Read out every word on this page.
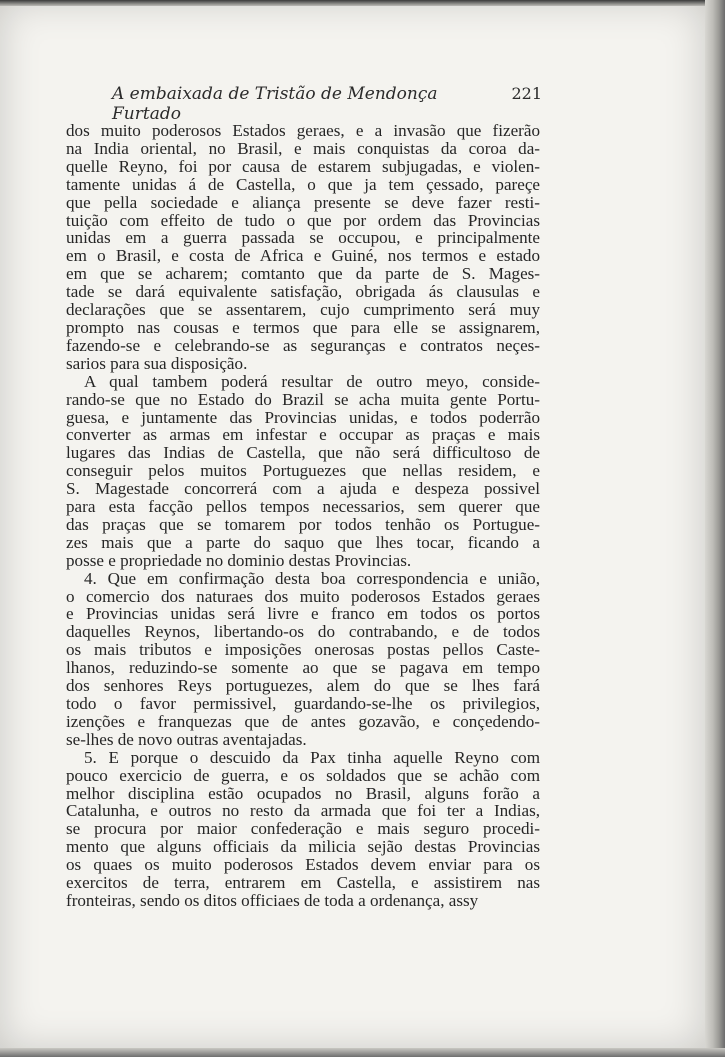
A embaixada de Tristão de Mendonça Furtado
221
dos muito poderosos Estados geraes, e a invasão que fizerão
na India oriental, no Brasil, e mais conquistas da coroa da-
quelle Reyno, foi por causa de estarem subjugadas, e violen-
tamente unidas á de Castella, o que ja tem çessado, pareçe
que pella sociedade e aliança presente se deve fazer resti-
tuição com effeito de tudo o que por ordem das Provincias
unidas em a guerra passada se occupou, e principalmente
em o Brasil, e costa de Africa e Guiné, nos termos e estado
em que se acharem; comtanto que da parte de S. Mages-
tade se dará equivalente satisfação, obrigada ás clausulas e
declarações que se assentarem, cujo cumprimento será muy
prompto nas cousas e termos que para elle se assignarem,
fazendo-se e celebrando-se as seguranças e contratos neçes-
sarios para sua disposição.
A qual tambem poderá resultar de outro meyo, conside-
rando-se que no Estado do Brazil se acha muita gente Portu-
guesa, e juntamente das Provincias unidas, e todos poderrão
converter as armas em infestar e occupar as praças e mais
lugares das Indias de Castella, que não será difficultoso de
conseguir pelos muitos Portuguezes que nellas residem, e
S. Magestade concorrerá com a ajuda e despeza possivel
para esta facção pellos tempos necessarios, sem querer que
das praças que se tomarem por todos tenhão os Portugue-
zes mais que a parte do saquo que lhes tocar, ficando a
posse e propriedade no dominio destas Provincias.
4. Que em confirmação desta boa correspondencia e união,
o comercio dos naturaes dos muito poderosos Estados geraes
e Provincias unidas será livre e franco em todos os portos
daquelles Reynos, libertando-os do contrabando, e de todos
os mais tributos e imposições onerosas postas pellos Caste-
lhanos, reduzindo-se somente ao que se pagava em tempo
dos senhores Reys portuguezes, alem do que se lhes fará
todo o favor permissivel, guardando-se-lhe os privilegios,
izenções e franquezas que de antes gozavão, e conçedendo-
se-lhes de novo outras aventajadas.
5. E porque o descuido da Pax tinha aquelle Reyno com
pouco exercicio de guerra, e os soldados que se achão com
melhor disciplina estão ocupados no Brasil, alguns forão a
Catalunha, e outros no resto da armada que foi ter a Indias,
se procura por maior confederação e mais seguro procedi-
mento que alguns officiais da milicia sejão destas Provincias
os quaes os muito poderosos Estados devem enviar para os
exercitos de terra, entrarem em Castella, e assistirem nas
fronteiras, sendo os ditos officiaes de toda a ordenança, assy
